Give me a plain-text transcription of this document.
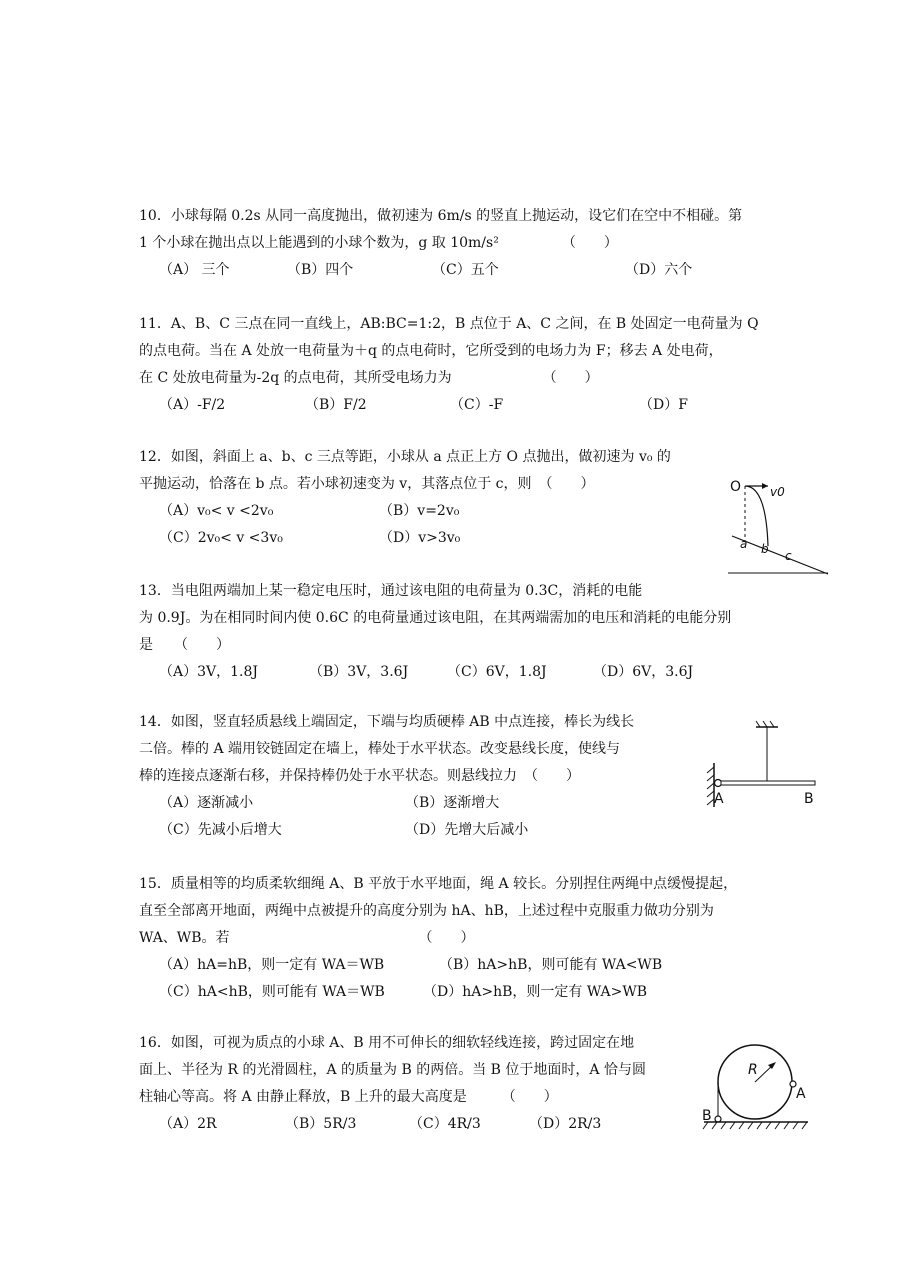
10．小球每隔 0.2s 从同一高度抛出，做初速为 6m/s 的竖直上抛运动，设它们在空中不相碰。第
1 个小球在抛出点以上能遇到的小球个数为，g 取 10m/s²　　　　　（　　）
（A） 三个	（B）四个	（C）五个	（D）六个
11．A、B、C 三点在同一直线上，AB:BC=1:2，B 点位于 A、C 之间，在 B 处固定一电荷量为 Q
的点电荷。当在 A 处放一电荷量为＋q 的点电荷时，它所受到的电场力为 F；移去 A 处电荷，
在 C 处放电荷量为-2q 的点电荷，其所受电场力为　　　　　　　（　　）
（A）-F/2	（B）F/2	（C）-F	（D）F
12．如图，斜面上 a、b、c 三点等距，小球从 a 点正上方 O 点抛出，做初速为 v₀ 的
平抛运动，恰落在 b 点。若小球初速变为 v，其落点位于 c，则　（　　）
（A）v₀< v <2v₀	（B）v=2v₀
（C）2v₀< v <3v₀	（D）v>3v₀
13．当电阻两端加上某一稳定电压时，通过该电阻的电荷量为 0.3C，消耗的电能
为 0.9J。为在相同时间内使 0.6C 的电荷量通过该电阻，在其两端需加的电压和消耗的电能分别
是　　（　　）
（A）3V，1.8J	（B）3V，3.6J	（C）6V，1.8J	（D）6V，3.6J
14．如图，竖直轻质悬线上端固定，下端与均质硬棒 AB 中点连接，棒长为线长
二倍。棒的 A 端用铰链固定在墙上，棒处于水平状态。改变悬线长度，使线与
棒的连接点逐渐右移，并保持棒仍处于水平状态。则悬线拉力　（　　）
（A）逐渐减小	（B）逐渐增大
（C）先减小后增大	（D）先增大后减小
15．质量相等的均质柔软细绳 A、B 平放于水平地面，绳 A 较长。分别捏住两绳中点缓慢提起，
直至全部离开地面，两绳中点被提升的高度分别为 hA、hB，上述过程中克服重力做功分别为
WA、WB。若　　　　　　　　　　　　　　（　　）
（A）hA=hB，则一定有 WA＝WB	（B）hA>hB，则可能有 WA<WB
（C）hA<hB，则可能有 WA＝WB	（D）hA>hB，则一定有 WA>WB
16．如图，可视为质点的小球 A、B 用不可伸长的细软轻线连接，跨过固定在地
面上、半径为 R 的光滑圆柱，A 的质量为 B 的两倍。当 B 位于地面时，A 恰与圆
柱轴心等高。将 A 由静止释放，B 上升的最大高度是　　　（　　）
（A）2R	（B）5R/3	（C）4R/3	（D）2R/3
O v0
a b c
A	B
R
A
B
